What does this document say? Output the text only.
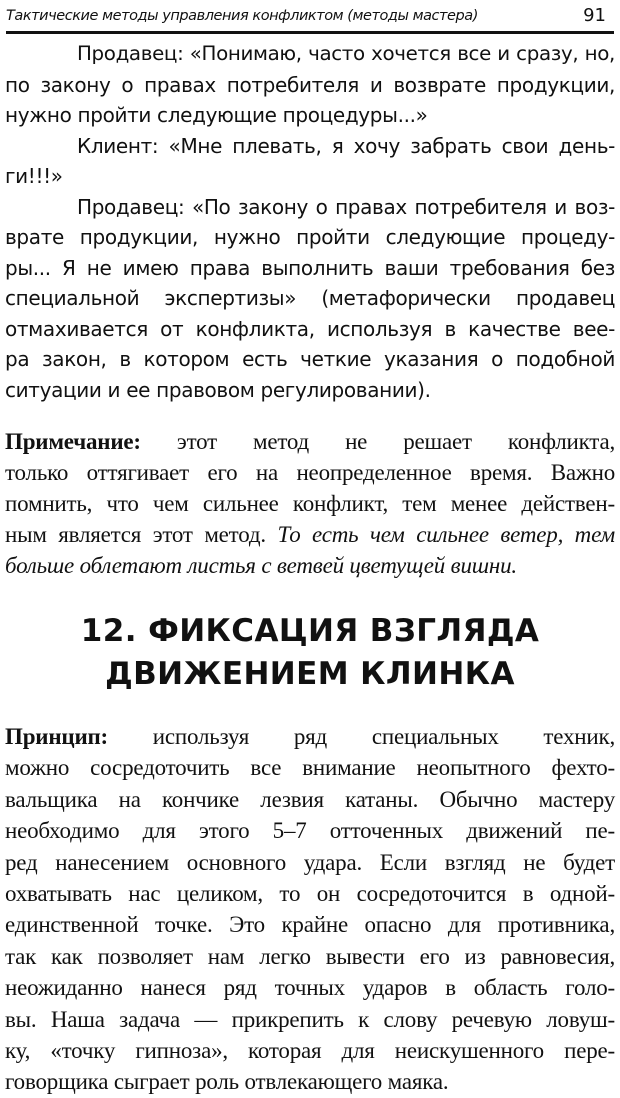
Тактические методы управления конфликтом (методы мастера)	91
Продавец: «Понимаю, часто хочется все и сразу, но,
по закону о правах потребителя и возврате продукции,
нужно пройти следующие процедуры...»
Клиент: «Мне плевать, я хочу забрать свои день-
ги!!!»
Продавец: «По закону о правах потребителя и воз-
врате продукции, нужно пройти следующие процеду-
ры... Я не имею права выполнить ваши требования без
специальной экспертизы» (метафорически продавец
отмахивается от конфликта, используя в качестве вее-
ра закон, в котором есть четкие указания о подобной
ситуации и ее правовом регулировании).
Примечание: этот метод не решает конфликта,
только оттягивает его на неопределенное время. Важно
помнить, что чем сильнее конфликт, тем менее действен-
ным является этот метод. То есть чем сильнее ветер, тем
больше облетают листья с ветвей цветущей вишни.
12. ФИКСАЦИЯ ВЗГЛЯДА
ДВИЖЕНИЕМ КЛИНКА
Принцип: используя ряд специальных техник,
можно сосредоточить все внимание неопытного фехто-
вальщика на кончике лезвия катаны. Обычно мастеру
необходимо для этого 5–7 отточенных движений пе-
ред нанесением основного удара. Если взгляд не будет
охватывать нас целиком, то он сосредоточится в одной-
единственной точке. Это крайне опасно для противника,
так как позволяет нам легко вывести его из равновесия,
неожиданно нанеся ряд точных ударов в область голо-
вы. Наша задача — прикрепить к слову речевую ловуш-
ку, «точку гипноза», которая для неискушенного пере-
говорщика сыграет роль отвлекающего маяка.
